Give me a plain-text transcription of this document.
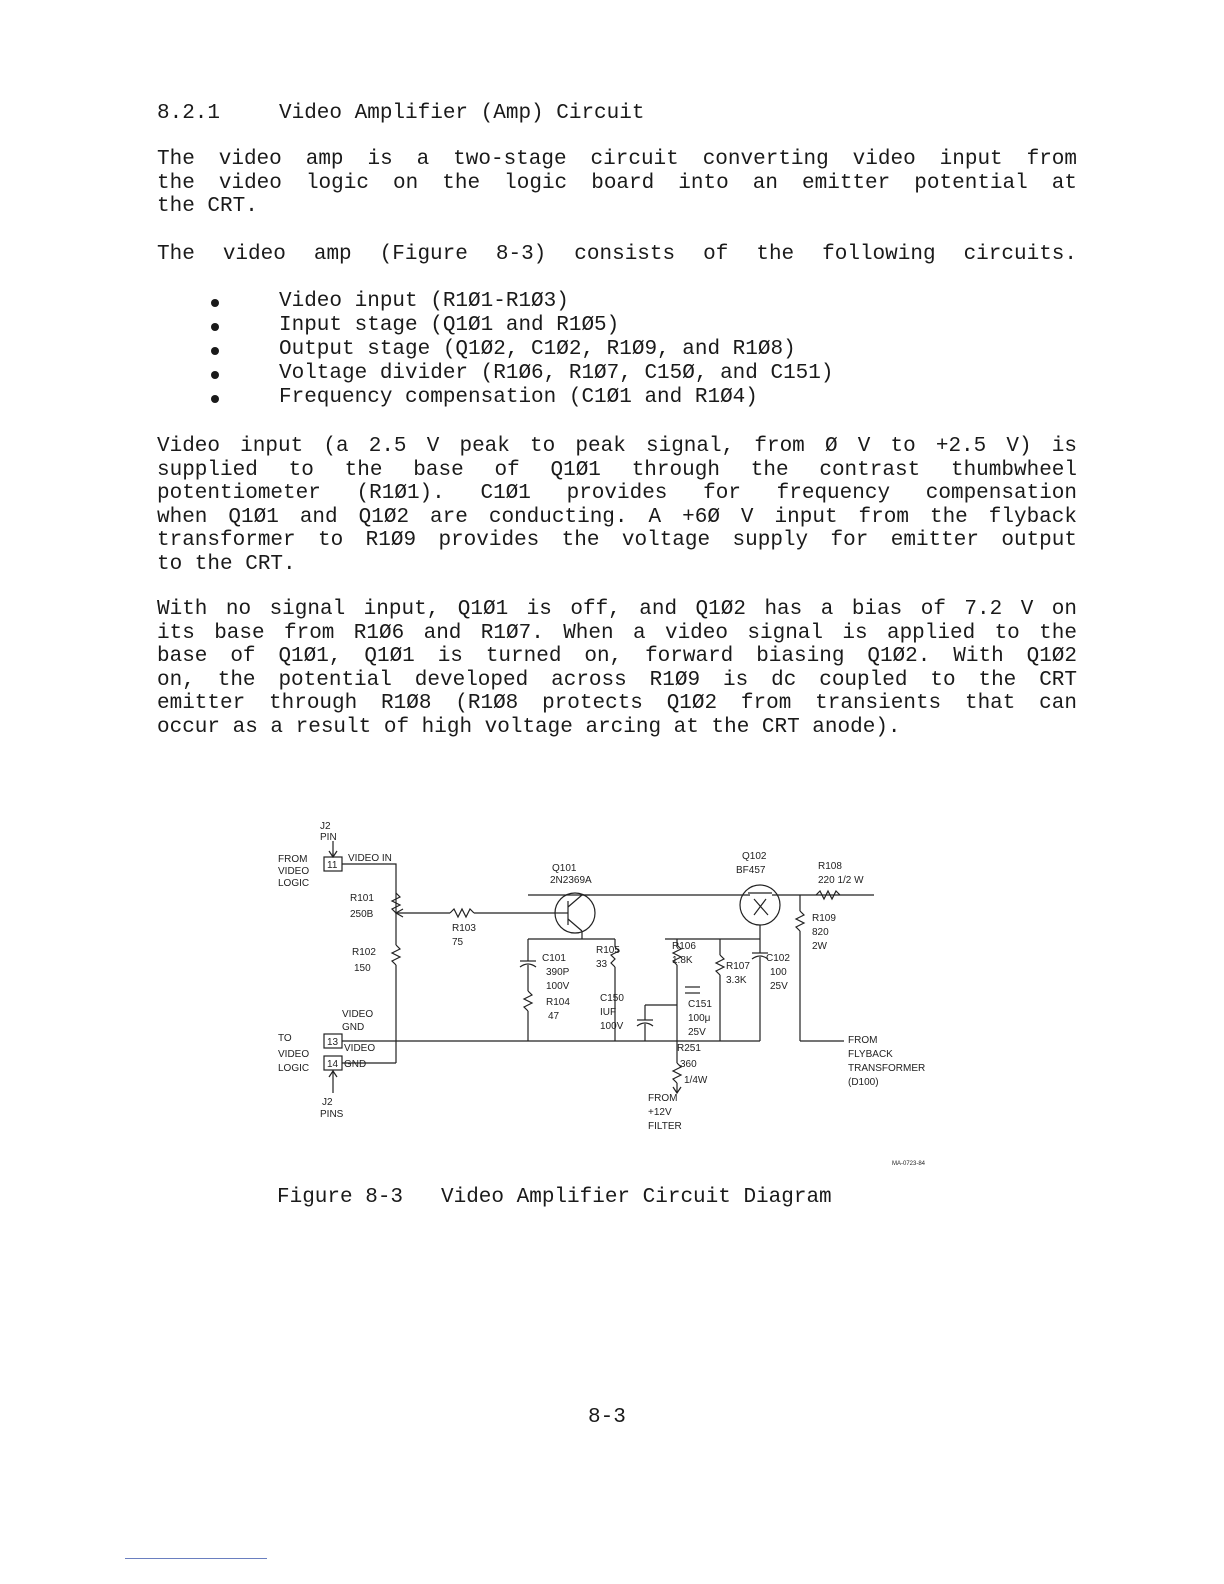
8.2.1	Video Amplifier (Amp) Circuit
The video amp is a two-stage circuit converting video input from
the video logic on the logic board into an emitter potential at
the CRT.
The video amp (Figure 8-3) consists of the following circuits.
Video input (R1Ø1-R1Ø3)
Input stage (Q1Ø1 and R1Ø5)
Output stage (Q1Ø2, C1Ø2, R1Ø9, and R1Ø8)
Voltage divider (R1Ø6, R1Ø7, C15Ø, and C151)
Frequency compensation (C1Ø1 and R1Ø4)
Video input (a 2.5 V peak to peak signal, from Ø V to +2.5 V) is
supplied to the base of Q1Ø1 through the contrast thumbwheel
potentiometer (R1Ø1). C1Ø1 provides for frequency compensation
when Q1Ø1 and Q1Ø2 are conducting. A +6Ø V input from the flyback
transformer to R1Ø9 provides the voltage supply for emitter output
to the CRT.
With no signal input, Q1Ø1 is off, and Q1Ø2 has a bias of 7.2 V on
its base from R1Ø6 and R1Ø7. When a video signal is applied to the
base of Q1Ø1, Q1Ø1 is turned on, forward biasing Q1Ø2. With Q1Ø2
on, the potential developed across R1Ø9 is dc coupled to the CRT
emitter through R1Ø8 (R1Ø8 protects Q1Ø2 from transients that can
occur as a result of high voltage arcing at the CRT anode).
J2
PIN
FROM
VIDEO
LOGIC
VIDEO IN
11
R101
250B
R102
150
R103
75
VIDEO
GND
TO
VIDEO
LOGIC
13
14
VIDEO
GND
J2
PINS
Q101
2N2369A
C101
390P
100V
R104
47
R105
33
C150
IUF
100V
R106
1.8K
C151
100μ
25V
R251
360
1/4W
FROM
+12V
FILTER
Q102
BF457
R107
3.3K
C102
100
25V
R108
220 1/2 W
R109
820
2W
FROM
FLYBACK
TRANSFORMER
(D100)
MA-0723-84
Figure 8-3 Video Amplifier Circuit Diagram
8-3
